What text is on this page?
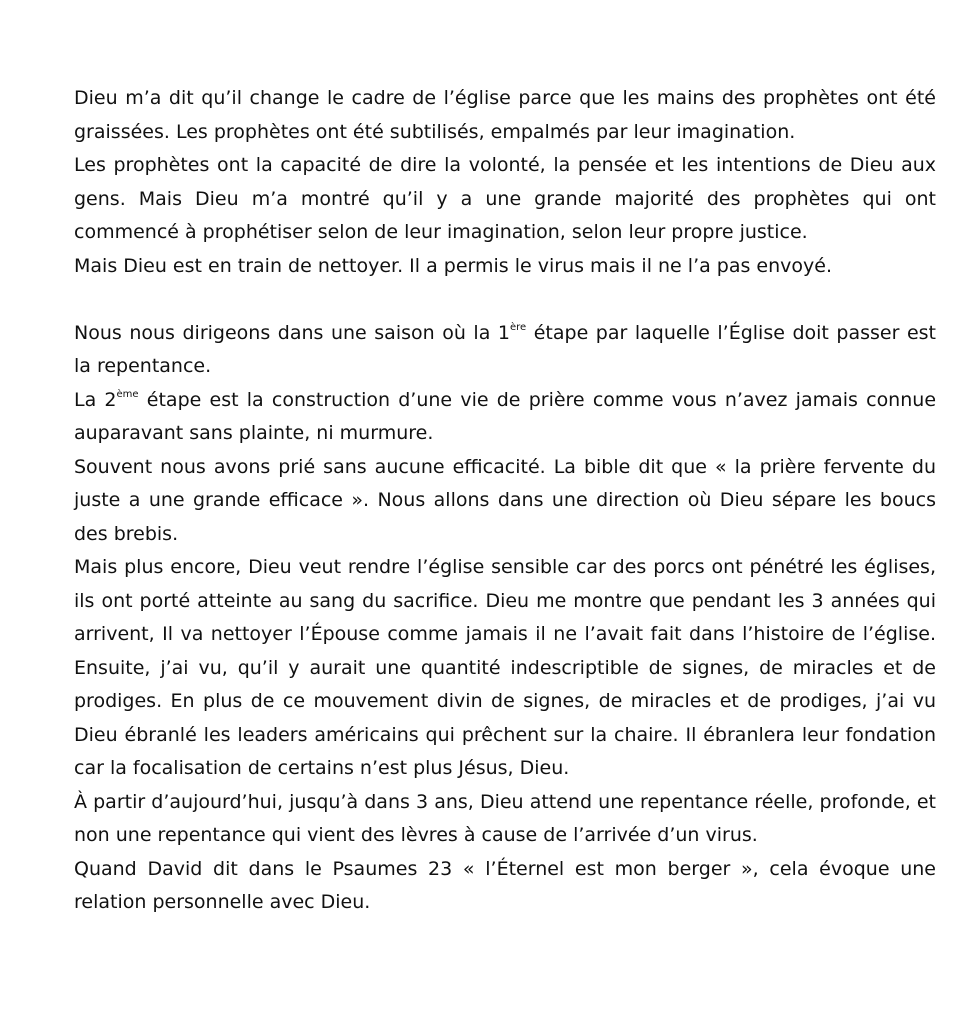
Dieu m’a dit qu’il change le cadre de l’église parce que les mains des prophètes ont été graissées. Les prophètes ont été subtilisés, empalmés par leur imagination.

Les prophètes ont la capacité de dire la volonté, la pensée et les intentions de Dieu aux gens. Mais Dieu m’a montré qu’il y a une grande majorité des prophètes qui ont commencé à prophétiser selon de leur imagination, selon leur propre justice.

Mais Dieu est en train de nettoyer. Il a permis le virus mais il ne l’a pas envoyé.

Nous nous dirigeons dans une saison où la 1ère étape par laquelle l’Église doit passer est la repentance.

La 2ème étape est la construction d’une vie de prière comme vous n’avez jamais connue auparavant sans plainte, ni murmure.

Souvent nous avons prié sans aucune efficacité. La bible dit que « la prière fervente du juste a une grande efficace ». Nous allons dans une direction où Dieu sépare les boucs des brebis.

Mais plus encore, Dieu veut rendre l’église sensible car des porcs ont pénétré les églises, ils ont porté atteinte au sang du sacrifice. Dieu me montre que pendant les 3 années qui arrivent, Il va nettoyer l’Épouse comme jamais il ne l’avait fait dans l’histoire de l’église. Ensuite, j’ai vu, qu’il y aurait une quantité indescriptible de signes, de miracles et de prodiges. En plus de ce mouvement divin de signes, de miracles et de prodiges, j’ai vu Dieu ébranlé les leaders américains qui prêchent sur la chaire. Il ébranlera leur fondation car la focalisation de certains n’est plus Jésus, Dieu.

À partir d’aujourd’hui, jusqu’à dans 3 ans, Dieu attend une repentance réelle, profonde, et non une repentance qui vient des lèvres à cause de l’arrivée d’un virus.

Quand David dit dans le Psaumes 23 « l’Éternel est mon berger », cela évoque une relation personnelle avec Dieu.
